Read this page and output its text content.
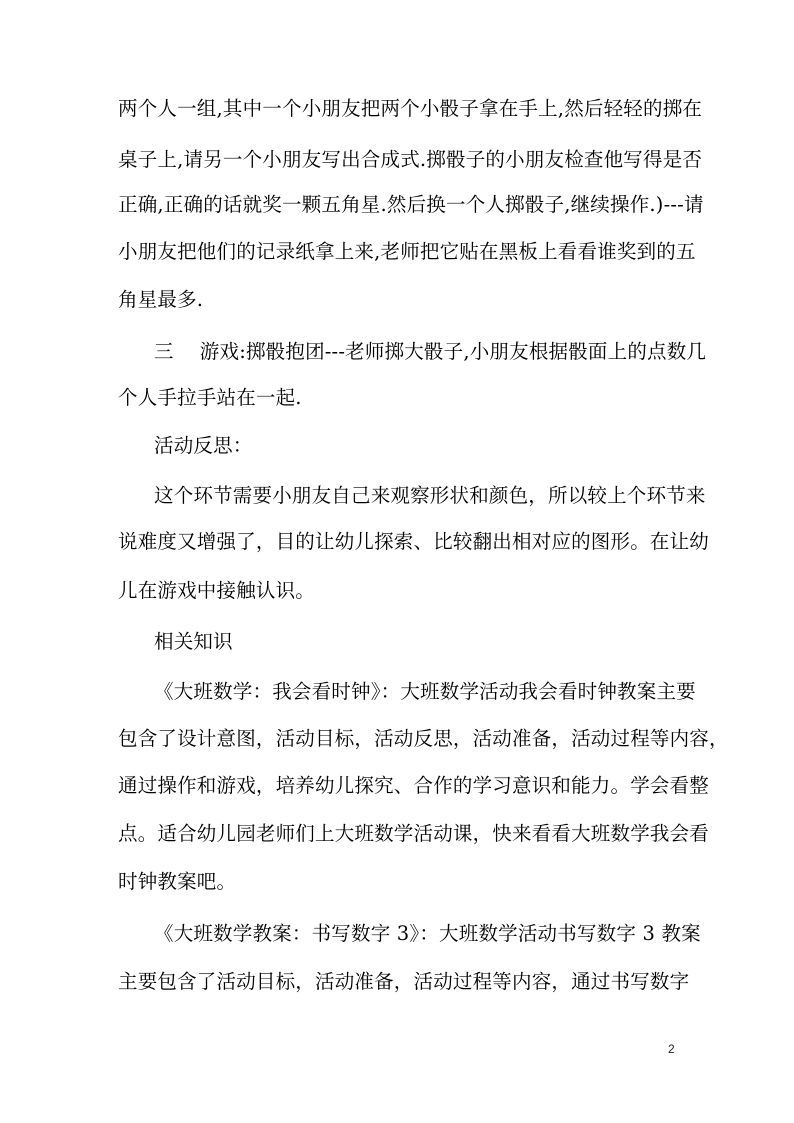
两个人一组,其中一个小朋友把两个小骰子拿在手上,然后轻轻的掷在
桌子上,请另一个小朋友写出合成式.掷骰子的小朋友检查他写得是否
正确,正确的话就奖一颗五角星.然后换一个人掷骰子,继续操作.)---请
小朋友把他们的记录纸拿上来,老师把它贴在黑板上看看谁奖到的五
角星最多.
三　 游戏:掷骰抱团---老师掷大骰子,小朋友根据骰面上的点数几
个人手拉手站在一起.
活动反思：
这个环节需要小朋友自己来观察形状和颜色，所以较上个环节来
说难度又增强了，目的让幼儿探索、比较翻出相对应的图形。在让幼
儿在游戏中接触认识。
相关知识
《大班数学：我会看时钟》：大班数学活动我会看时钟教案主要
包含了设计意图，活动目标，活动反思，活动准备，活动过程等内容，
通过操作和游戏，培养幼儿探究、合作的学习意识和能力。学会看整
点。适合幼儿园老师们上大班数学活动课，快来看看大班数学我会看
时钟教案吧。
《大班数学教案：书写数字 3》：大班数学活动书写数字 3 教案
主要包含了活动目标，活动准备，活动过程等内容，通过书写数字
2
